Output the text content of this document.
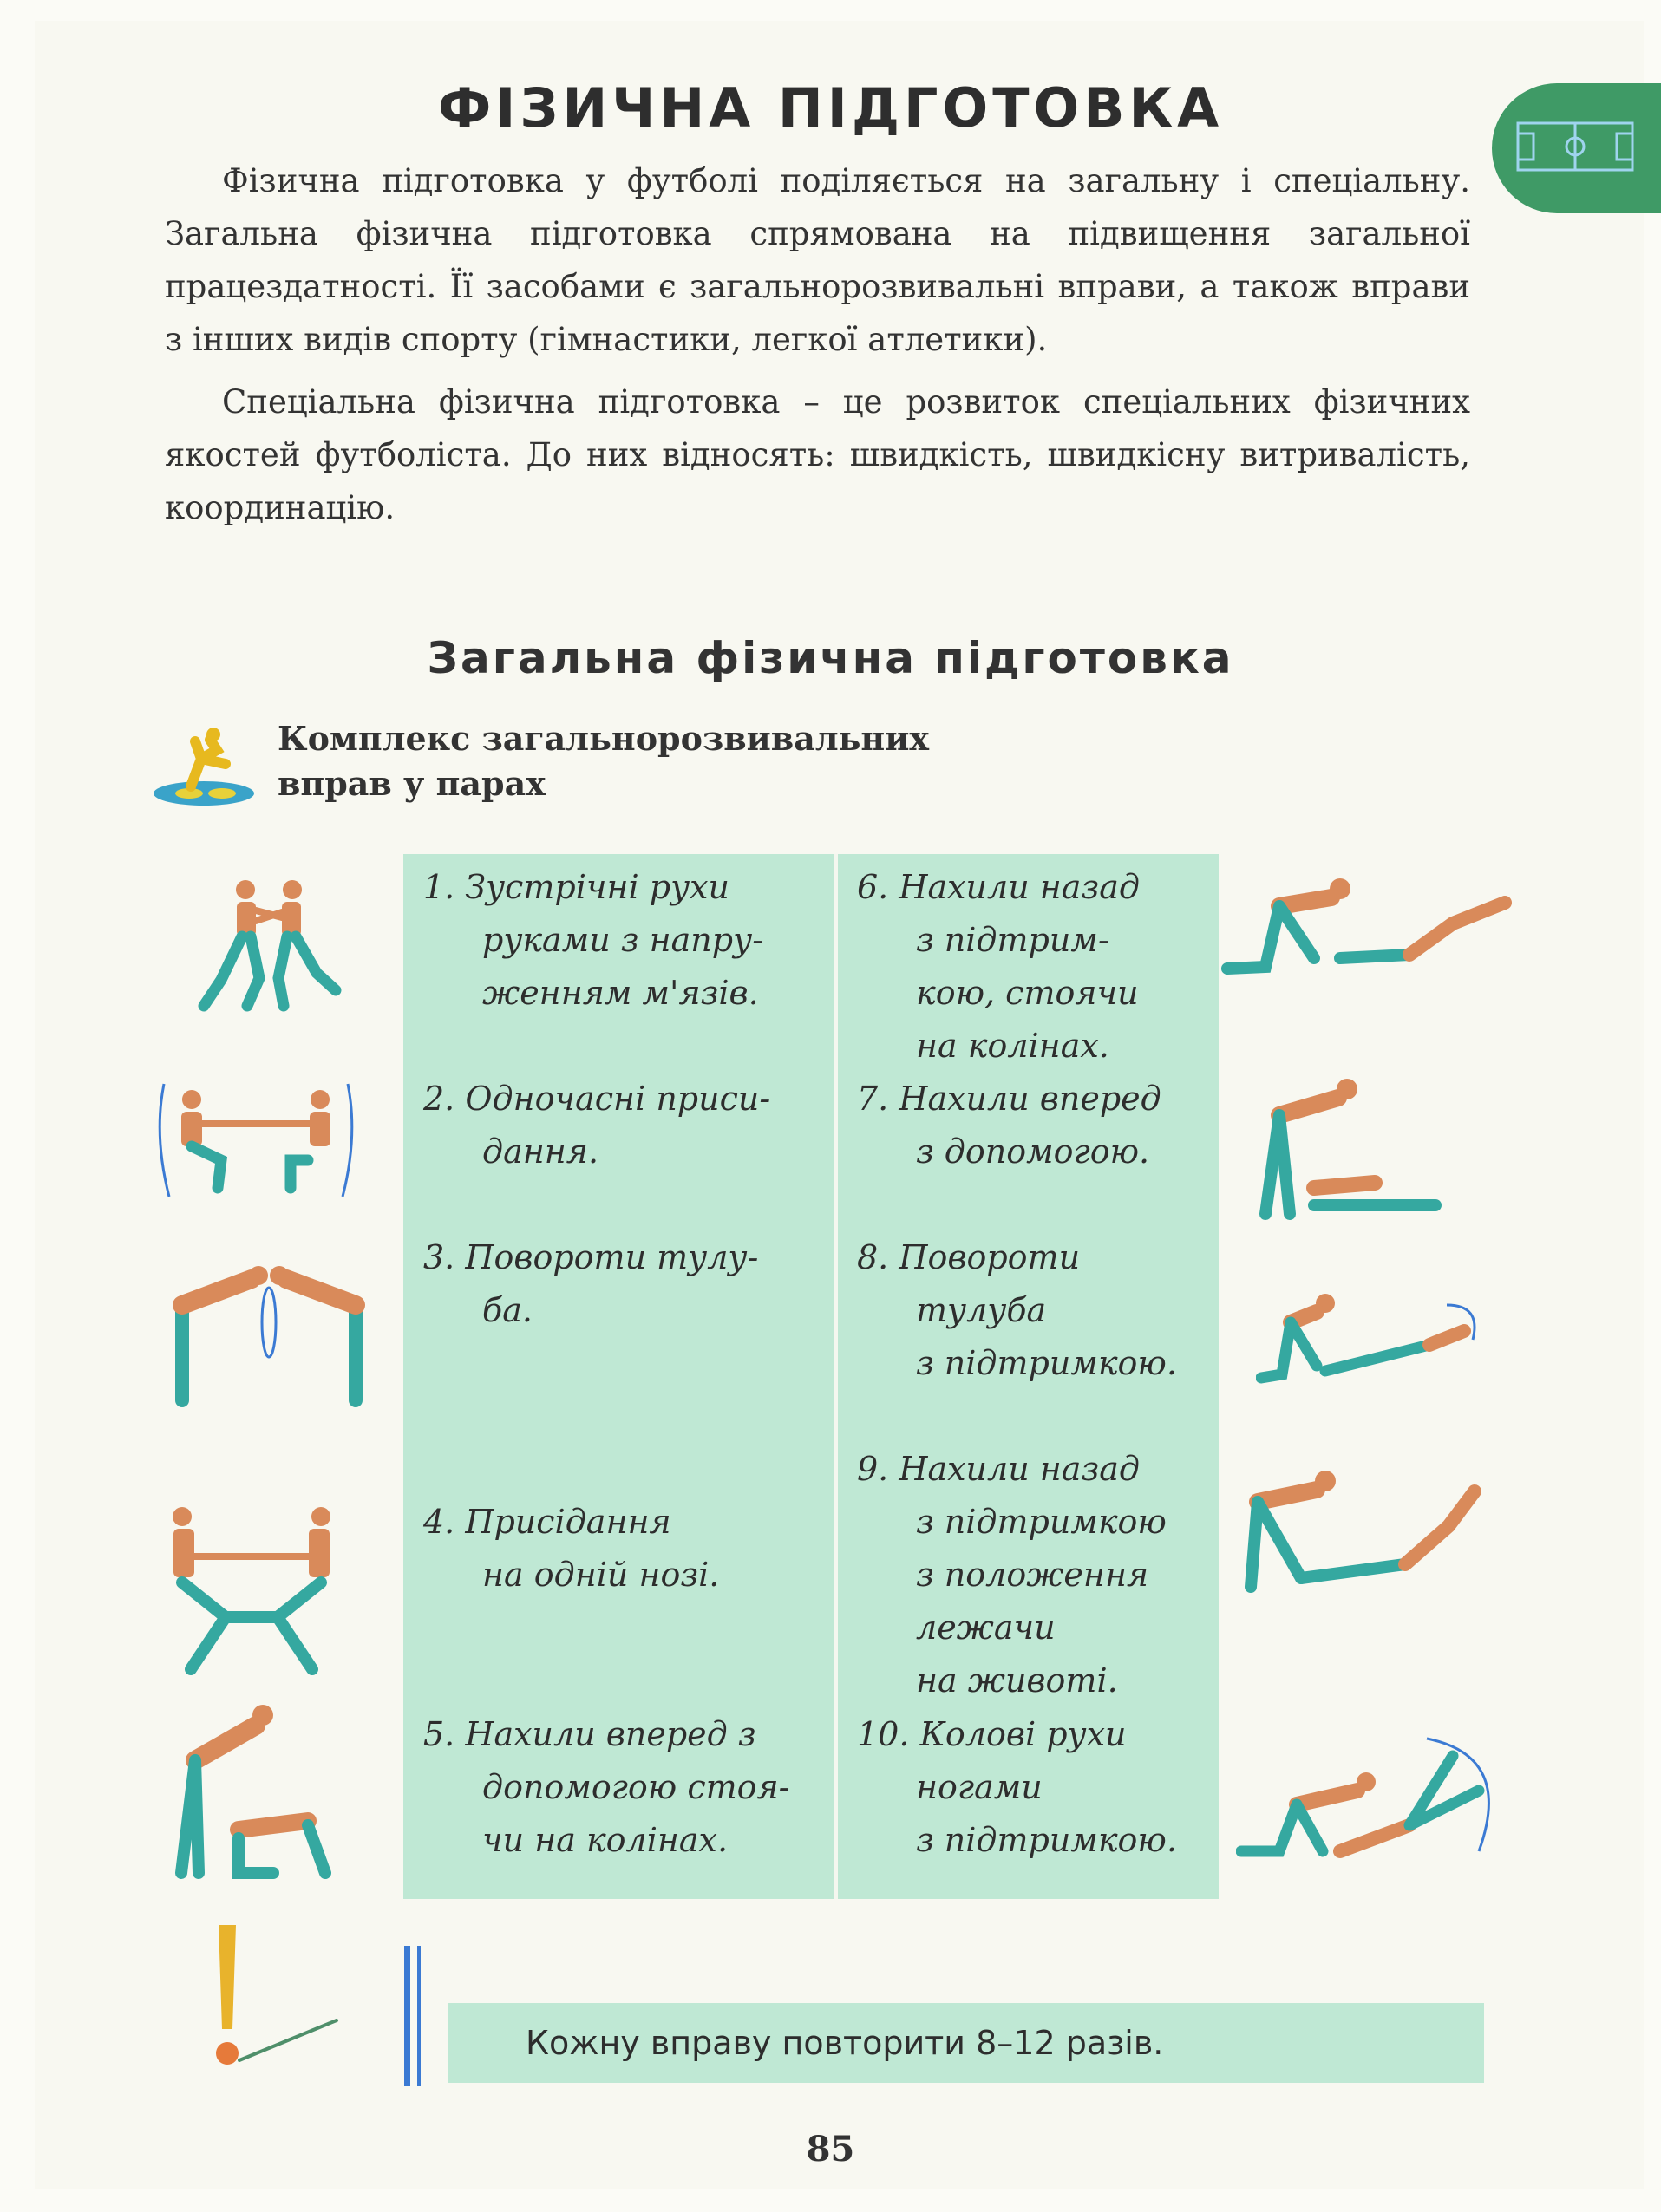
ФІЗИЧНА ПІДГОТОВКА

Фізична підготовка у футболі поділяється на загальну і спеціальну. Загальна фізична підготовка спрямована на підвищення загальної працездатності. Її засобами є загальнорозвивальні вправи, а також вправи з інших видів спорту (гімнастики, легкої атлетики).

Спеціальна фізична підготовка – це розвиток спеціальних фізичних якостей футболіста. До них відносять: швидкість, швидкісну витривалість, координацію.

Загальна фізична підготовка
Комплекс загальнорозвивальних
вправ у парах
1. Зустрічні рухи
руками з напру-
женням м'язів.
2. Одночасні приси-
дання.
3. Повороти тулу-
ба.
4. Присідання
на одній нозі.
5. Нахили вперед з
допомогою стоя-
чи на колінах.
6. Нахили назад
з підтрим-
кою, стоячи
на колінах.
7. Нахили вперед
з допомогою.
8. Повороти
тулуба
з підтримкою.
9. Нахили назад
з підтримкою
з положення
лежачи
на животі.
10. Колові рухи
ногами
з підтримкою.
Кожну вправу повторити 8–12 разів.
85
